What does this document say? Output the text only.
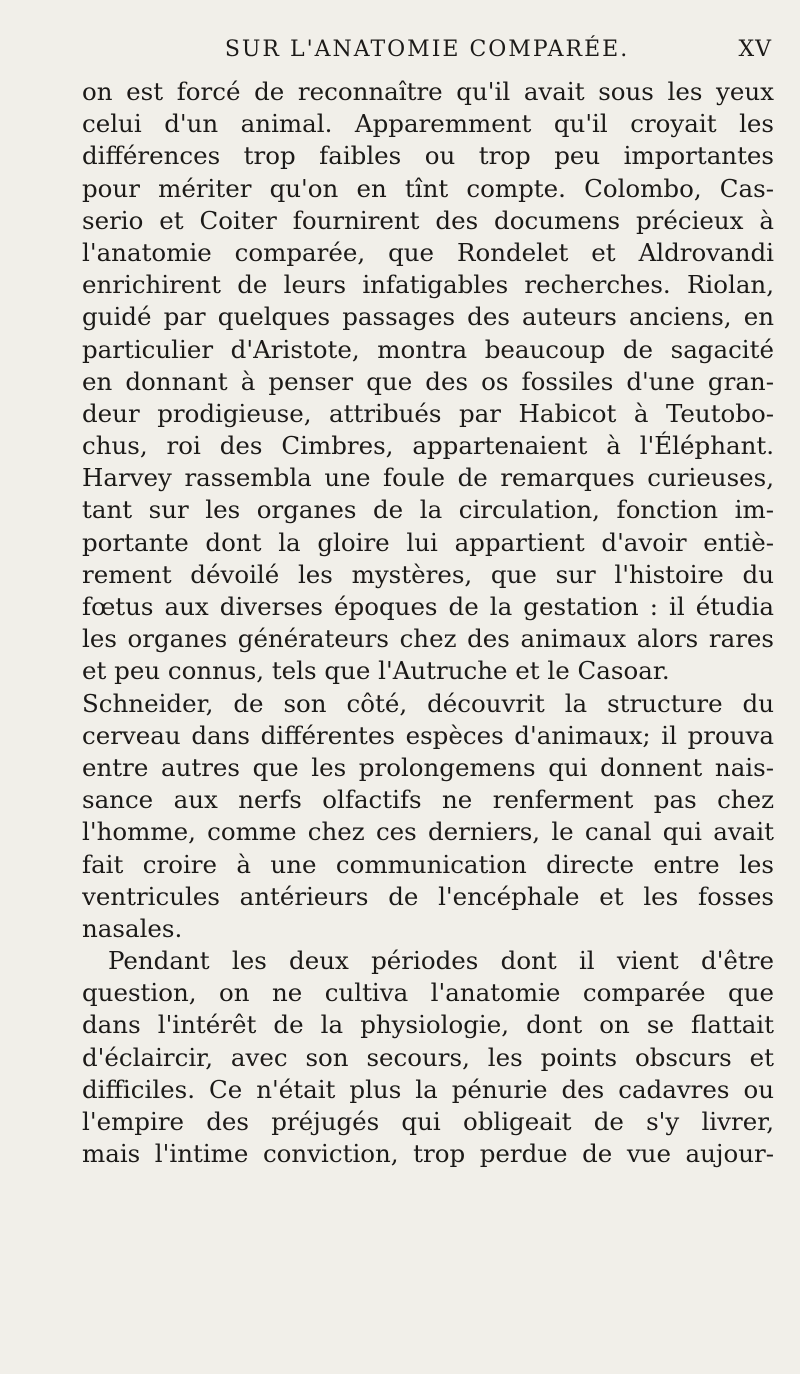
SUR L'ANATOMIE COMPARÉE.	XV
on est forcé de reconnaître qu'il avait sous les yeux
celui d'un animal. Apparemment qu'il croyait les
différences trop faibles ou trop peu importantes
pour mériter qu'on en tînt compte. Colombo, Cas-
serio et Coiter fournirent des documens précieux à
l'anatomie comparée, que Rondelet et Aldrovandi
enrichirent de leurs infatigables recherches. Riolan,
guidé par quelques passages des auteurs anciens, en
particulier d'Aristote, montra beaucoup de sagacité
en donnant à penser que des os fossiles d'une gran-
deur prodigieuse, attribués par Habicot à Teutobo-
chus, roi des Cimbres, appartenaient à l'Éléphant.
Harvey rassembla une foule de remarques curieuses,
tant sur les organes de la circulation, fonction im-
portante dont la gloire lui appartient d'avoir entiè-
rement dévoilé les mystères, que sur l'histoire du
fœtus aux diverses époques de la gestation : il étudia
les organes générateurs chez des animaux alors rares
et peu connus, tels que l'Autruche et le Casoar.
Schneider, de son côté, découvrit la structure du
cerveau dans différentes espèces d'animaux; il prouva
entre autres que les prolongemens qui donnent nais-
sance aux nerfs olfactifs ne renferment pas chez
l'homme, comme chez ces derniers, le canal qui avait
fait croire à une communication directe entre les
ventricules antérieurs de l'encéphale et les fosses
nasales.
Pendant les deux périodes dont il vient d'être
question, on ne cultiva l'anatomie comparée que
dans l'intérêt de la physiologie, dont on se flattait
d'éclaircir, avec son secours, les points obscurs et
difficiles. Ce n'était plus la pénurie des cadavres ou
l'empire des préjugés qui obligeait de s'y livrer,
mais l'intime conviction, trop perdue de vue aujour-
